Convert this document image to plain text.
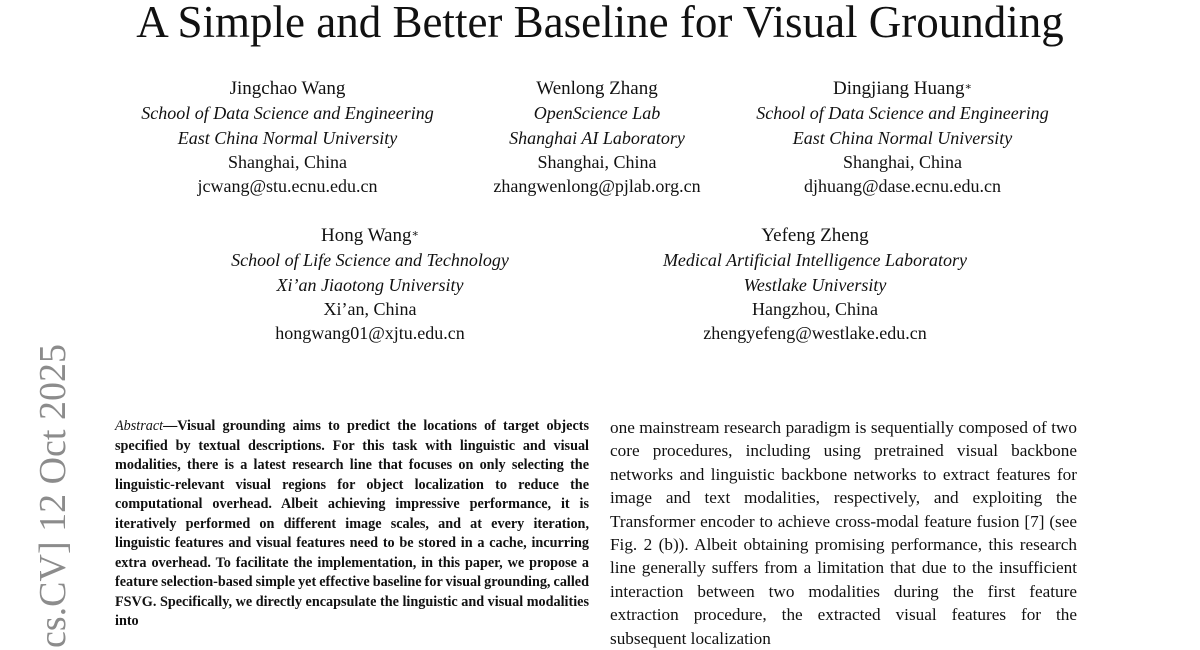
A Simple and Better Baseline for Visual Grounding
Jingchao Wang
School of Data Science and Engineering
East China Normal University
Shanghai, China
jcwang@stu.ecnu.edu.cn
Wenlong Zhang
OpenScience Lab
Shanghai AI Laboratory
Shanghai, China
zhangwenlong@pjlab.org.cn
Dingjiang Huang∗
School of Data Science and Engineering
East China Normal University
Shanghai, China
djhuang@dase.ecnu.edu.cn
Hong Wang∗
School of Life Science and Technology
Xi’an Jiaotong University
Xi’an, China
hongwang01@xjtu.edu.cn
Yefeng Zheng
Medical Artificial Intelligence Laboratory
Westlake University
Hangzhou, China
zhengyefeng@westlake.edu.cn
cs.CV] 12 Oct 2025	Abstract—Visual grounding aims to predict the locations of target objects specified by textual descriptions. For this task with linguistic and visual modalities, there is a latest research line that focuses on only selecting the linguistic-relevant visual regions for object localization to reduce the computational overhead. Albeit achieving impressive performance, it is iteratively performed on different image scales, and at every iteration, linguistic features and visual features need to be stored in a cache, incurring extra overhead. To facilitate the implementation, in this paper, we propose a feature selection-based simple yet effective baseline for visual grounding, called FSVG. Specifically, we directly encapsulate the linguistic and visual modalities into
one mainstream research paradigm is sequentially composed of two core procedures, including using pretrained visual backbone networks and linguistic backbone networks to extract features for image and text modalities, respectively, and exploiting the Transformer encoder to achieve cross-modal feature fusion [7] (see Fig. 2 (b)). Albeit obtaining promising performance, this research line generally suffers from a limitation that due to the insufficient interaction between two modalities during the first feature extraction procedure, the extracted visual features for the subsequent localization
